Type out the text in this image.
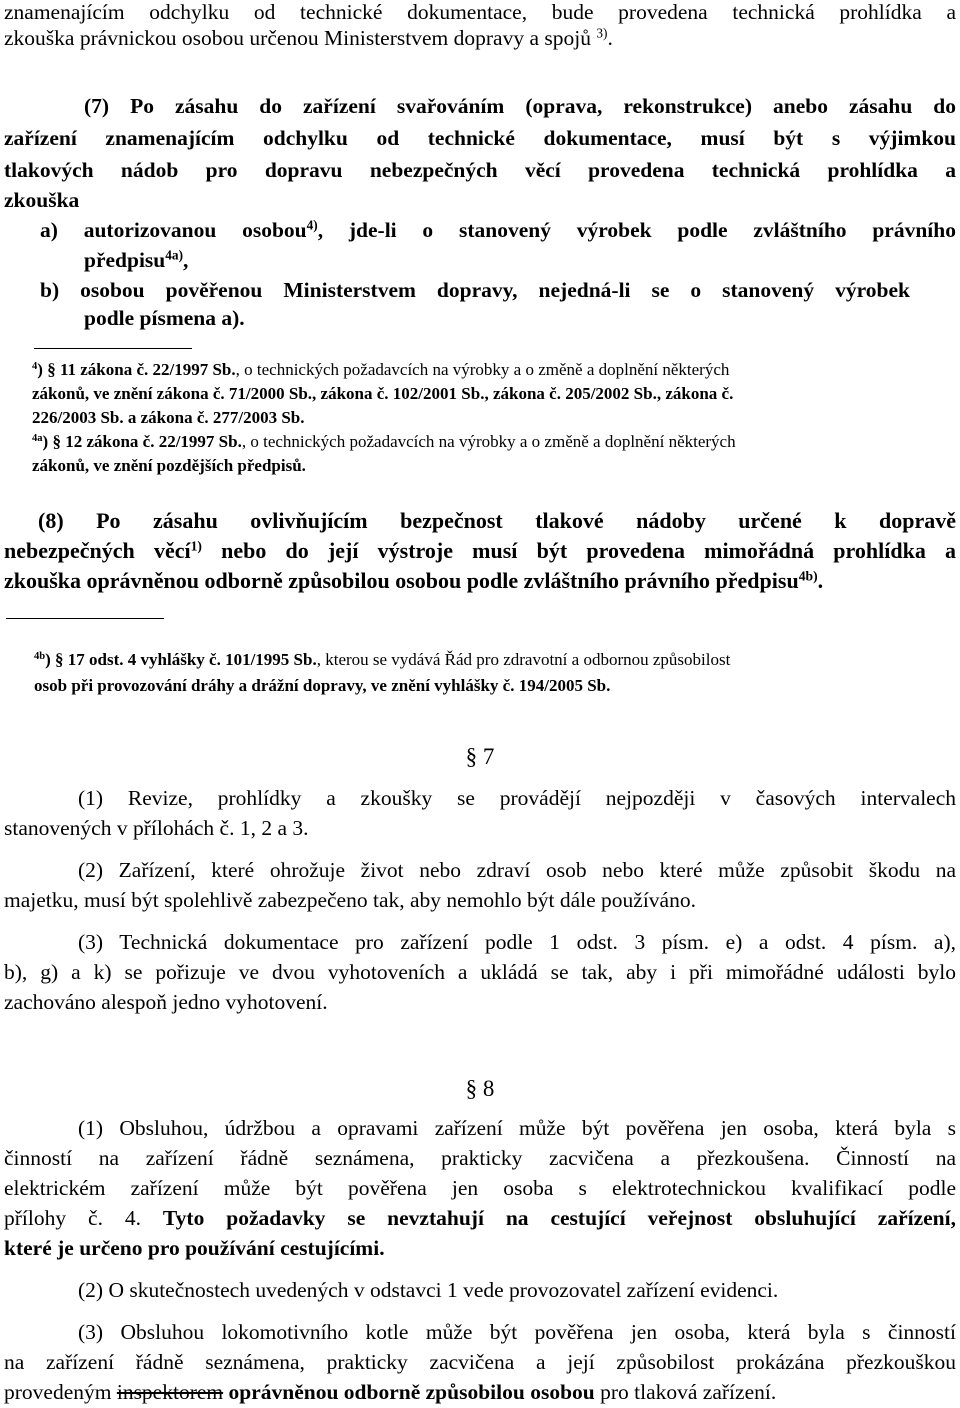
znamenajícím odchylku od technické dokumentace, bude provedena technická prohlídka a
zkouška právnickou osobou určenou Ministerstvem dopravy a spojů $^{3)}$.
(7) Po zásahu do zařízení svařováním (oprava, rekonstrukce) anebo zásahu do
zařízení znamenajícím odchylku od technické dokumentace, musí být s výjimkou
tlakových nádob pro dopravu nebezpečných věcí provedena technická prohlídka a
zkouška
a) autorizovanou osobou$^{4)}$, jde-li o stanovený výrobek podle zvláštního právního
předpisu$^{4a)}$,
b) osobou pověřenou Ministerstvem dopravy, nejedná-li se o stanovený výrobek
podle písmena a).
$^4$) § 11 zákona č. 22/1997 Sb., o technických požadavcích na výrobky a o změně a doplnění některých
zákonů, ve znění zákona č. 71/2000 Sb., zákona č. 102/2001 Sb., zákona č. 205/2002 Sb., zákona č.
226/2003 Sb. a zákona č. 277/2003 Sb.
$^{4a}$) § 12 zákona č. 22/1997 Sb., o technických požadavcích na výrobky a o změně a doplnění některých
zákonů, ve znění pozdějších předpisů.
(8) Po zásahu ovlivňujícím bezpečnost tlakové nádoby určené k dopravě
nebezpečných věcí$^{1)}$ nebo do její výstroje musí být provedena mimořádná prohlídka a
zkouška oprávněnou odborně způsobilou osobou podle zvláštního právního předpisu$^{4b)}$.
$^{4b}$) § 17 odst. 4 vyhlášky č. 101/1995 Sb., kterou se vydává Řád pro zdravotní a odbornou způsobilost
osob při provozování dráhy a drážní dopravy, ve znění vyhlášky č. 194/2005 Sb.
§ 7
(1) Revize, prohlídky a zkoušky se provádějí nejpozději v časových intervalech
stanovených v přílohách č. 1, 2 a 3.
(2) Zařízení, které ohrožuje život nebo zdraví osob nebo které může způsobit škodu na
majetku, musí být spolehlivě zabezpečeno tak, aby nemohlo být dále používáno.
(3) Technická dokumentace pro zařízení podle 1 odst. 3 písm. e) a odst. 4 písm. a),
b), g) a k) se pořizuje ve dvou vyhotoveních a ukládá se tak, aby i při mimořádné události bylo
zachováno alespoň jedno vyhotovení.
§ 8
(1) Obsluhou, údržbou a opravami zařízení může být pověřena jen osoba, která byla s
činností na zařízení řádně seznámena, prakticky zacvičena a přezkoušena. Činností na
elektrickém zařízení může být pověřena jen osoba s elektrotechnickou kvalifikací podle
přílohy č. 4. Tyto požadavky se nevztahují na cestující veřejnost obsluhující zařízení,
které je určeno pro používání cestujícími.
(2) O skutečnostech uvedených v odstavci 1 vede provozovatel zařízení evidenci.
(3) Obsluhou lokomotivního kotle může být pověřena jen osoba, která byla s činností
na zařízení řádně seznámena, prakticky zacvičena a její způsobilost prokázána přezkouškou
provedeným inspektorem oprávněnou odborně způsobilou osobou pro tlaková zařízení.
